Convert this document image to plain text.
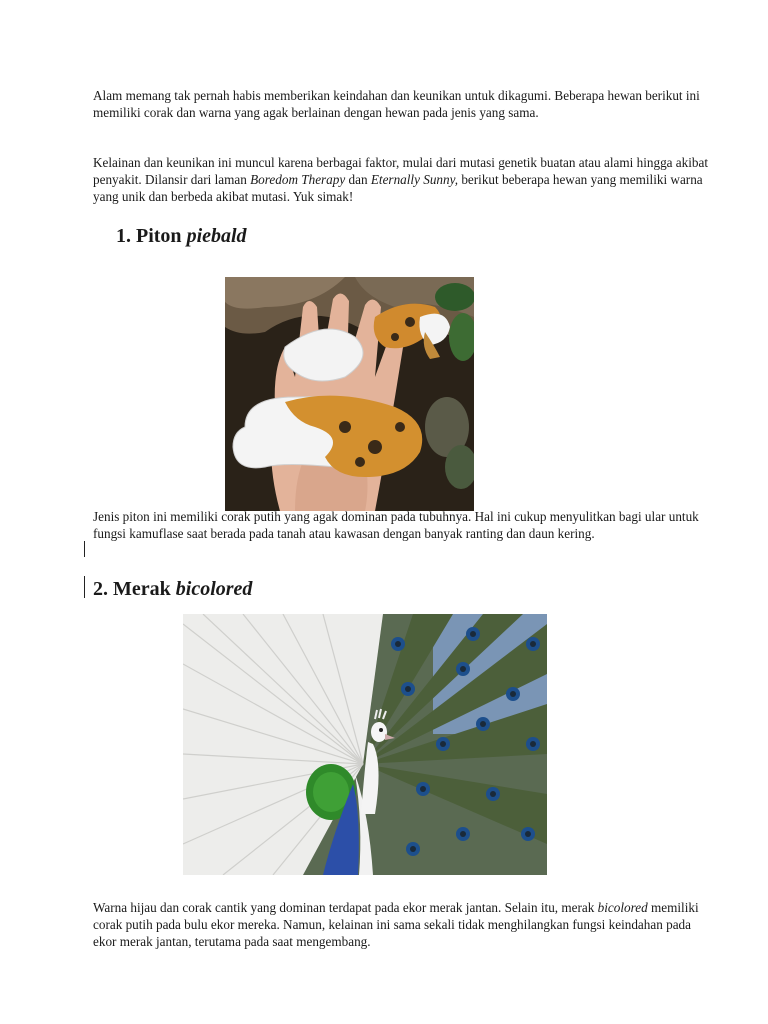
Alam memang tak pernah habis memberikan keindahan dan keunikan untuk dikagumi. Beberapa hewan berikut ini memiliki corak dan warna yang agak berlainan dengan hewan pada jenis yang sama.

Kelainan dan keunikan ini muncul karena berbagai faktor, mulai dari mutasi genetik buatan atau alami hingga akibat penyakit. Dilansir dari laman Boredom Therapy dan Eternally Sunny, berikut beberapa hewan yang memiliki warna yang unik dan berbeda akibat mutasi. Yuk simak!

1. Piton piebald

Jenis piton ini memiliki corak putih yang agak dominan pada tubuhnya. Hal ini cukup menyulitkan bagi ular untuk fungsi kamuflase saat berada pada tanah atau kawasan dengan banyak ranting dan daun kering.

2. Merak bicolored

Warna hijau dan corak cantik yang dominan terdapat pada ekor merak jantan. Selain itu, merak bicolored memiliki corak putih pada bulu ekor mereka. Namun, kelainan ini sama sekali tidak menghilangkan fungsi keindahan pada ekor merak jantan, terutama pada saat mengembang.
